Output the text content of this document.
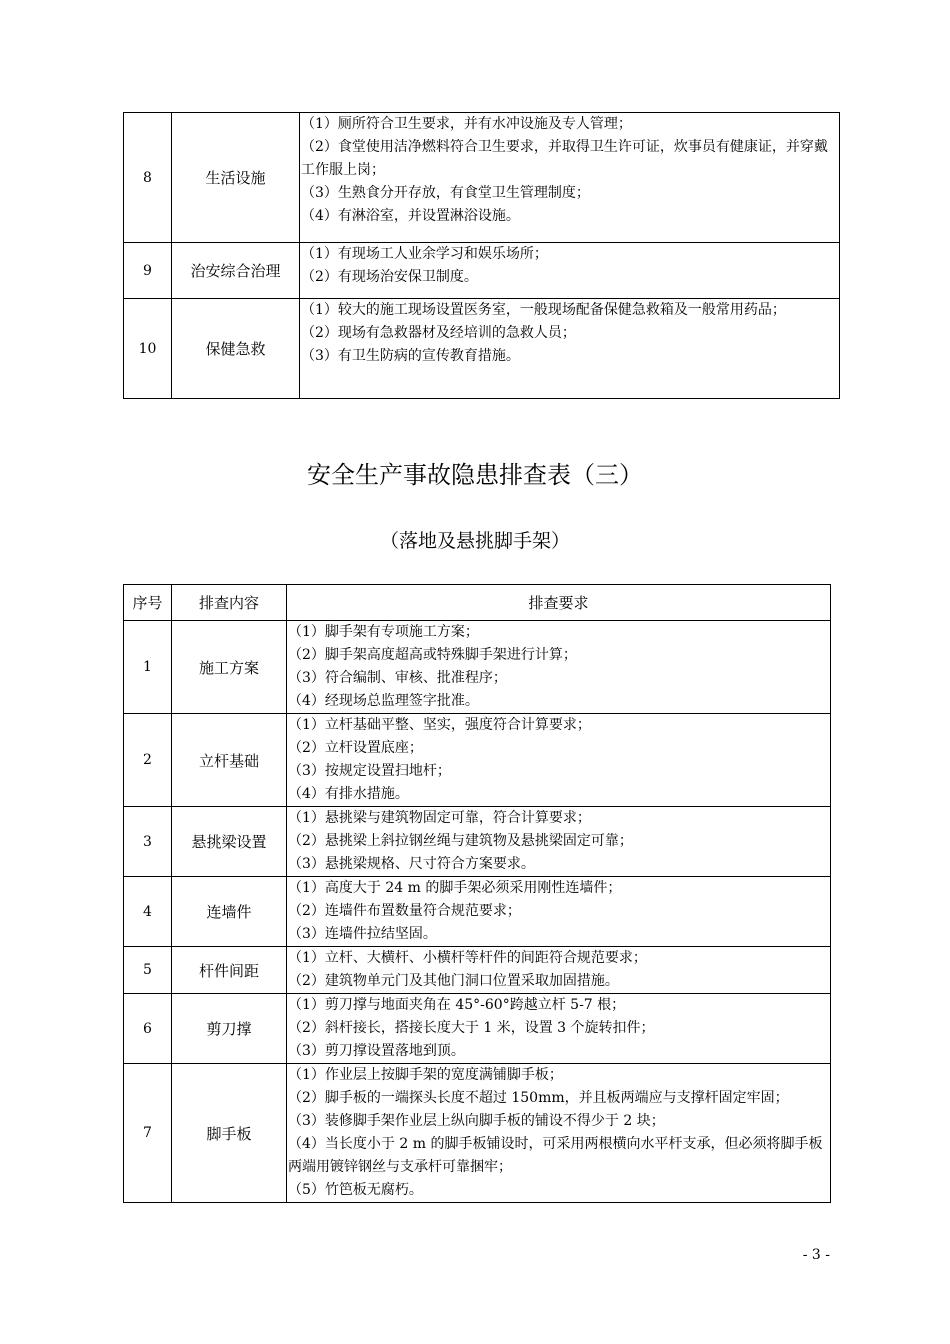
8	生活设施	（1）厕所符合卫生要求，并有水冲设施及专人管理；
（2）食堂使用洁净燃料符合卫生要求，并取得卫生许可证，炊事员有健康证，并穿戴工作服上岗；
（3）生熟食分开存放，有食堂卫生管理制度；
（4）有淋浴室，并设置淋浴设施。

9	治安综合治理	（1）有现场工人业余学习和娱乐场所；
（2）有现场治安保卫制度。

10	保健急救	（1）较大的施工现场设置医务室，一般现场配备保健急救箱及一般常用药品；
（2）现场有急救器材及经培训的急救人员；
（3）有卫生防病的宣传教育措施。
安全生产事故隐患排查表（三）
（落地及悬挑脚手架）
序号	排查内容	排查要求
1	施工方案	（1）脚手架有专项施工方案；
（2）脚手架高度超高或特殊脚手架进行计算；
（3）符合编制、审核、批准程序；
（4）经现场总监理签字批准。

2	立杆基础	（1）立杆基础平整、坚实，强度符合计算要求；
（2）立杆设置底座；
（3）按规定设置扫地杆；
（4）有排水措施。

3	悬挑梁设置	（1）悬挑梁与建筑物固定可靠，符合计算要求；
（2）悬挑梁上斜拉钢丝绳与建筑物及悬挑梁固定可靠；
（3）悬挑梁规格、尺寸符合方案要求。

4	连墙件	（1）高度大于 24 m 的脚手架必须采用刚性连墙件；
（2）连墙件布置数量符合规范要求；
（3）连墙件拉结坚固。

5	杆件间距	（1）立杆、大横杆、小横杆等杆件的间距符合规范要求；
（2）建筑物单元门及其他门洞口位置采取加固措施。

6	剪刀撑	（1）剪刀撑与地面夹角在 45°-60°跨越立杆 5-7 根；
（2）斜杆接长，搭接长度大于 1 米，设置 3 个旋转扣件；
（3）剪刀撑设置落地到顶。

7	脚手板	（1）作业层上按脚手架的宽度满铺脚手板；
（2）脚手板的一端探头长度不超过 150mm，并且板两端应与支撑杆固定牢固；
（3）装修脚手架作业层上纵向脚手板的铺设不得少于 2 块；
（4）当长度小于 2 m 的脚手板铺设时，可采用两根横向水平杆支承，但必须将脚手板两端用镀锌钢丝与支承杆可靠捆牢；
（5）竹笆板无腐朽。
- 3 -
